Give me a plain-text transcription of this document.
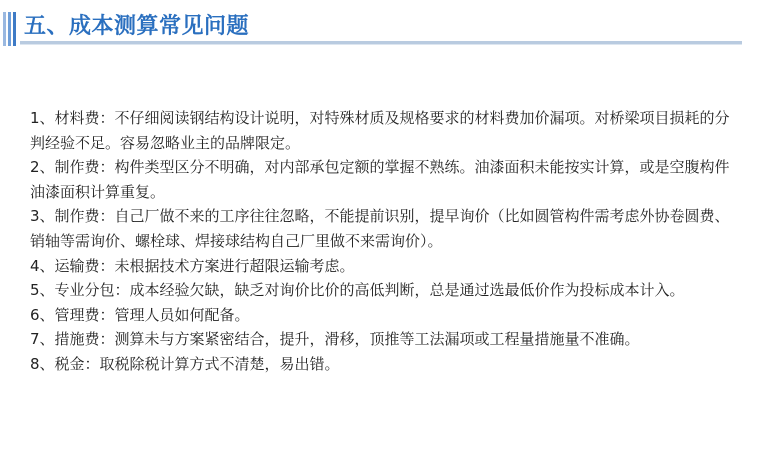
五、成本测算常见问题

1、材料费：不仔细阅读钢结构设计说明，对特殊材质及规格要求的材料费加价漏项。对桥梁项目损耗的分判经验不足。容易忽略业主的品牌限定。

2、制作费：构件类型区分不明确，对内部承包定额的掌握不熟练。油漆面积未能按实计算，或是空腹构件油漆面积计算重复。

3、制作费：自己厂做不来的工序往往忽略，不能提前识别，提早询价（比如圆管构件需考虑外协卷圆费、销轴等需询价、螺栓球、焊接球结构自己厂里做不来需询价）。

4、运输费：未根据技术方案进行超限运输考虑。

5、专业分包：成本经验欠缺，缺乏对询价比价的高低判断，总是通过选最低价作为投标成本计入。

6、管理费：管理人员如何配备。

7、措施费：测算未与方案紧密结合，提升，滑移，顶推等工法漏项或工程量措施量不准确。

8、税金：取税除税计算方式不清楚，易出错。
